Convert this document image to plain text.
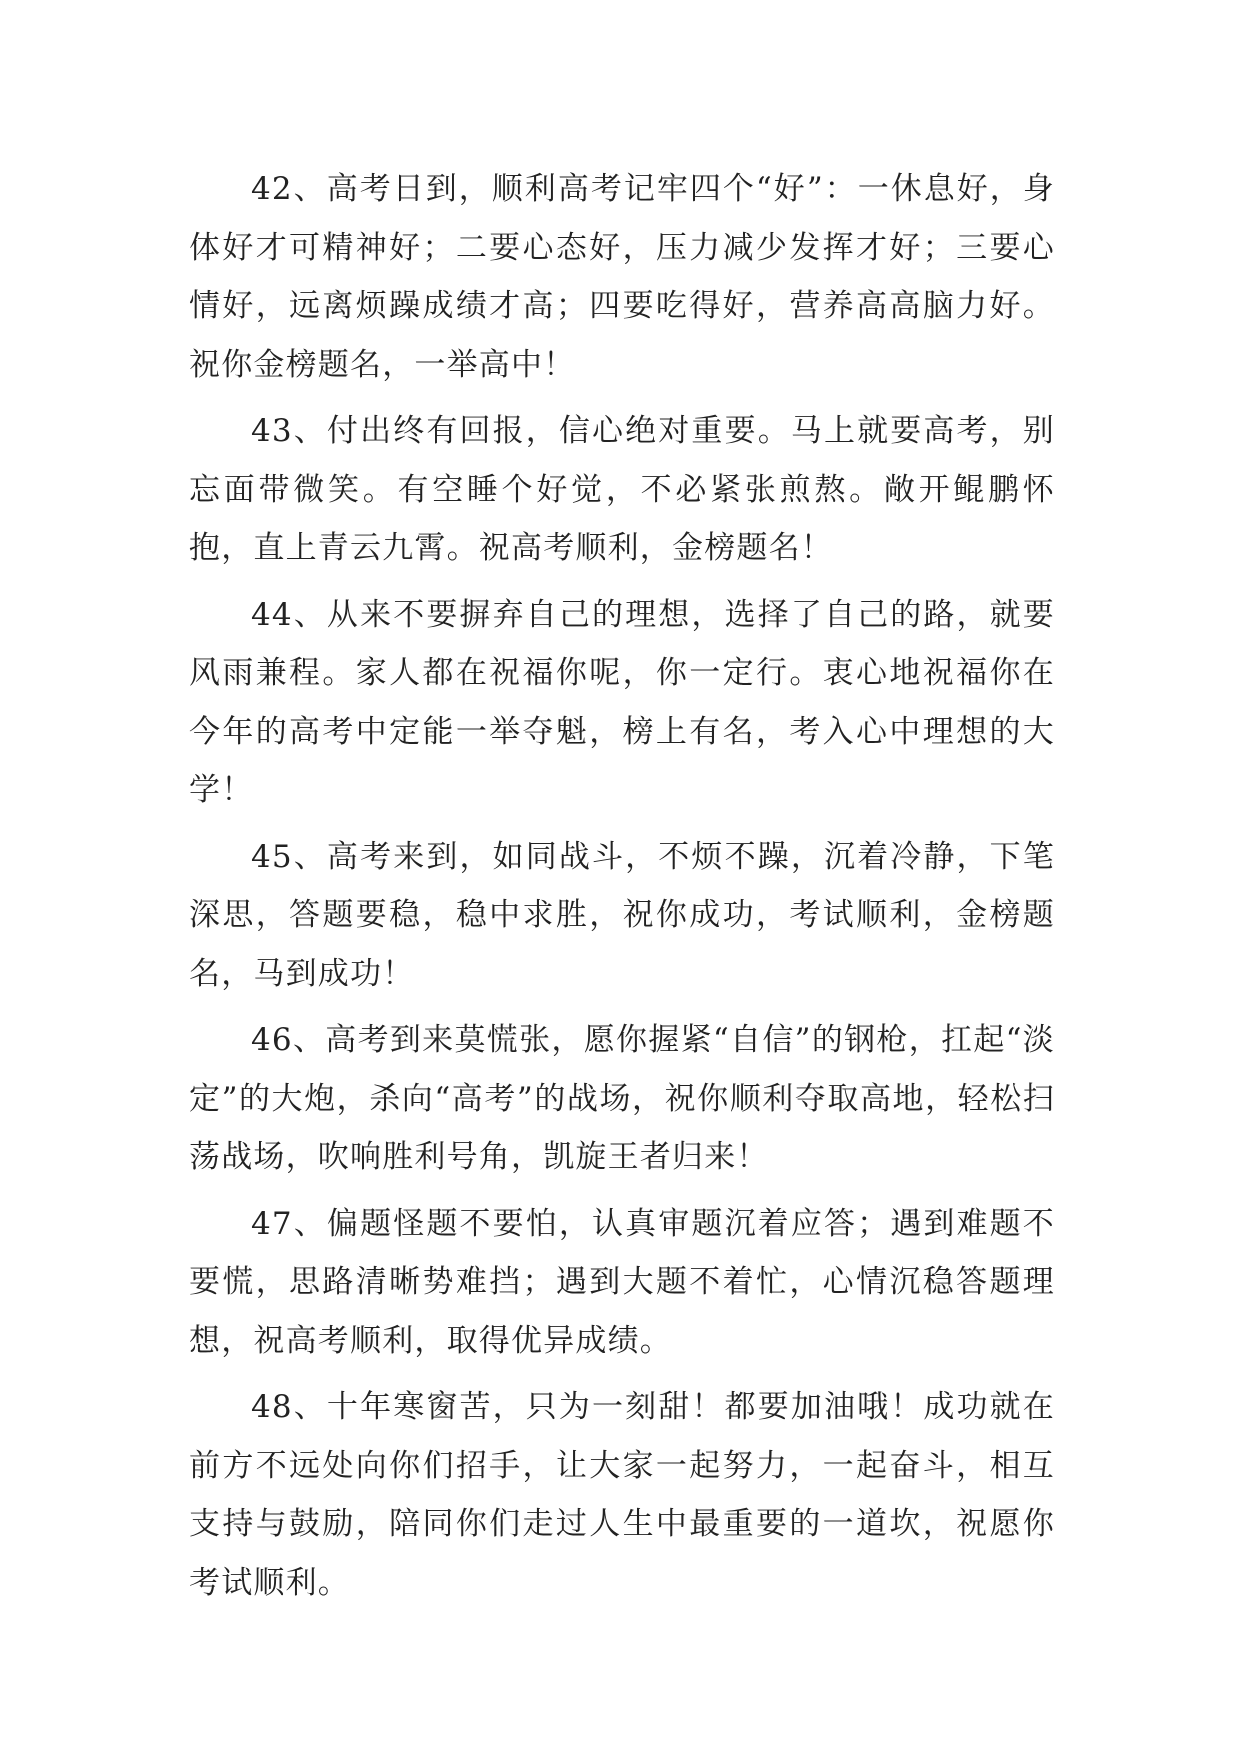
42、高考日到，顺利高考记牢四个“好”：一休息好，身体好才可精神好；二要心态好，压力减少发挥才好；三要心情好，远离烦躁成绩才高；四要吃得好，营养高高脑力好。祝你金榜题名，一举高中！

43、付出终有回报，信心绝对重要。马上就要高考，别忘面带微笑。有空睡个好觉，不必紧张煎熬。敞开鲲鹏怀抱，直上青云九霄。祝高考顺利，金榜题名！

44、从来不要摒弃自己的理想，选择了自己的路，就要风雨兼程。家人都在祝福你呢，你一定行。衷心地祝福你在今年的高考中定能一举夺魁，榜上有名，考入心中理想的大学！

45、高考来到，如同战斗，不烦不躁，沉着冷静，下笔深思，答题要稳，稳中求胜，祝你成功，考试顺利，金榜题名，马到成功！

46、高考到来莫慌张，愿你握紧“自信”的钢枪，扛起“淡定”的大炮，杀向“高考”的战场，祝你顺利夺取高地，轻松扫荡战场，吹响胜利号角，凯旋王者归来！

47、偏题怪题不要怕，认真审题沉着应答；遇到难题不要慌，思路清晰势难挡；遇到大题不着忙，心情沉稳答题理想，祝高考顺利，取得优异成绩。

48、十年寒窗苦，只为一刻甜！都要加油哦！成功就在前方不远处向你们招手，让大家一起努力，一起奋斗，相互支持与鼓励，陪同你们走过人生中最重要的一道坎，祝愿你考试顺利。
